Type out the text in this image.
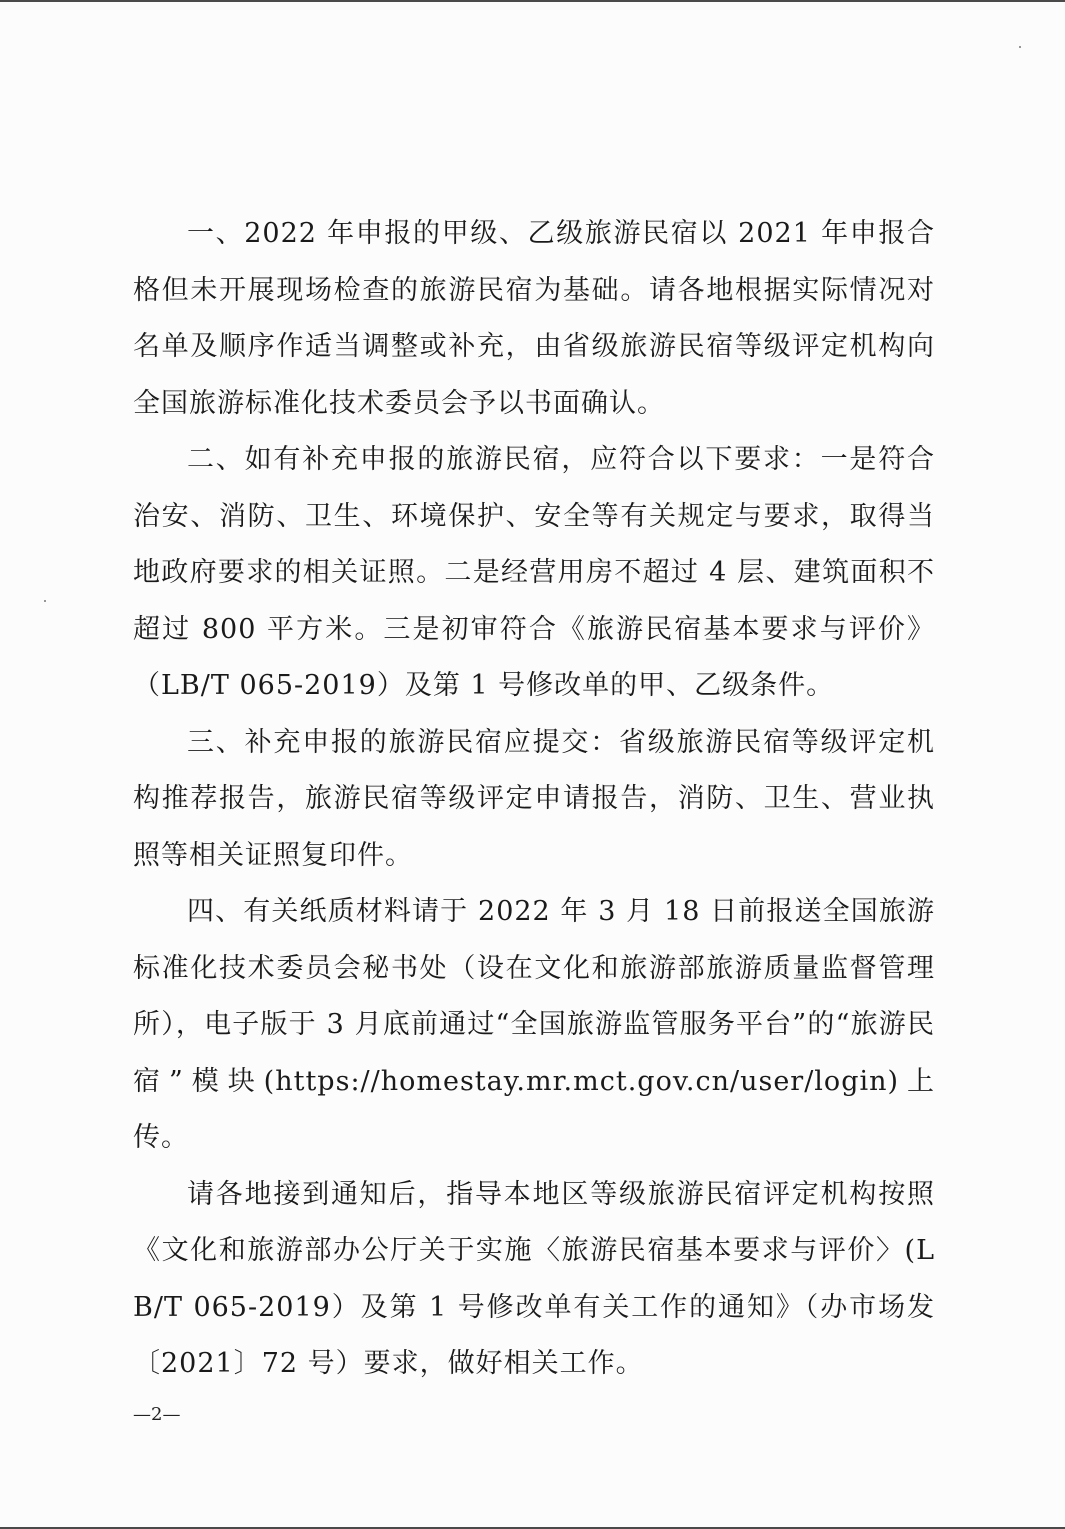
一、2022 年申报的甲级、乙级旅游民宿以 2021 年申报合格但未开展现场检查的旅游民宿为基础。请各地根据实际情况对名单及顺序作适当调整或补充，由省级旅游民宿等级评定机构向全国旅游标准化技术委员会予以书面确认。

二、如有补充申报的旅游民宿，应符合以下要求：一是符合治安、消防、卫生、环境保护、安全等有关规定与要求，取得当地政府要求的相关证照。二是经营用房不超过 4 层、建筑面积不超过 800 平方米。三是初审符合《旅游民宿基本要求与评价》（LB/T 065-2019）及第 1 号修改单的甲、乙级条件。

三、补充申报的旅游民宿应提交：省级旅游民宿等级评定机构推荐报告，旅游民宿等级评定申请报告，消防、卫生、营业执照等相关证照复印件。

四、有关纸质材料请于 2022 年 3 月 18 日前报送全国旅游标准化技术委员会秘书处（设在文化和旅游部旅游质量监督管理所），电子版于 3 月底前通过“全国旅游监管服务平台”的“旅游民宿”模块(https://homestay.mr.mct.gov.cn/user/login)上传。

请各地接到通知后，指导本地区等级旅游民宿评定机构按照《文化和旅游部办公厅关于实施〈旅游民宿基本要求与评价〉(LB/T 065-2019）及第 1 号修改单有关工作的通知》（办市场发〔2021〕72 号）要求，做好相关工作。

—2—
